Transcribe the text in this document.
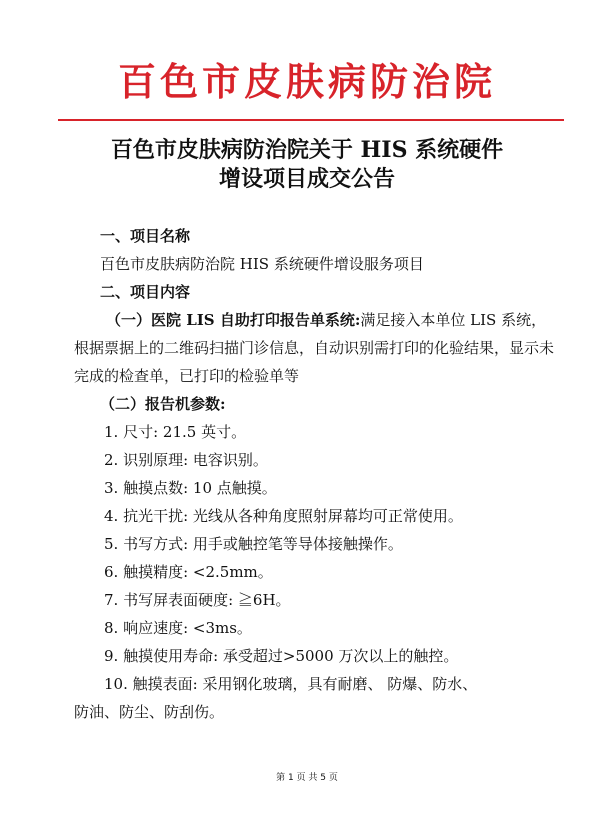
百色市皮肤病防治院
百色市皮肤病防治院关于 HIS 系统硬件
增设项目成交公告
一、项目名称
百色市皮肤病防治院 HIS 系统硬件增设服务项目
二、项目内容
（一）医院 LIS 自助打印报告单系统:满足接入本单位 LIS 系统，根据票据上的二维码扫描门诊信息，自动识别需打印的化验结果，显示未完成的检查单，已打印的检验单等
（二）报告机参数:
1. 尺寸: 21.5 英寸。
2. 识别原理: 电容识别。
3. 触摸点数: 10 点触摸。
4. 抗光干扰: 光线从各种角度照射屏幕均可正常使用。
5. 书写方式: 用手或触控笔等导体接触操作。
6. 触摸精度: <2.5mm。
7. 书写屏表面硬度: ≧6H。
8. 响应速度: <3ms。
9. 触摸使用寿命: 承受超过>5000 万次以上的触控。
10. 触摸表面: 采用钢化玻璃，具有耐磨、 防爆、防水、
防油、防尘、防刮伤。
第 1 页 共 5 页
